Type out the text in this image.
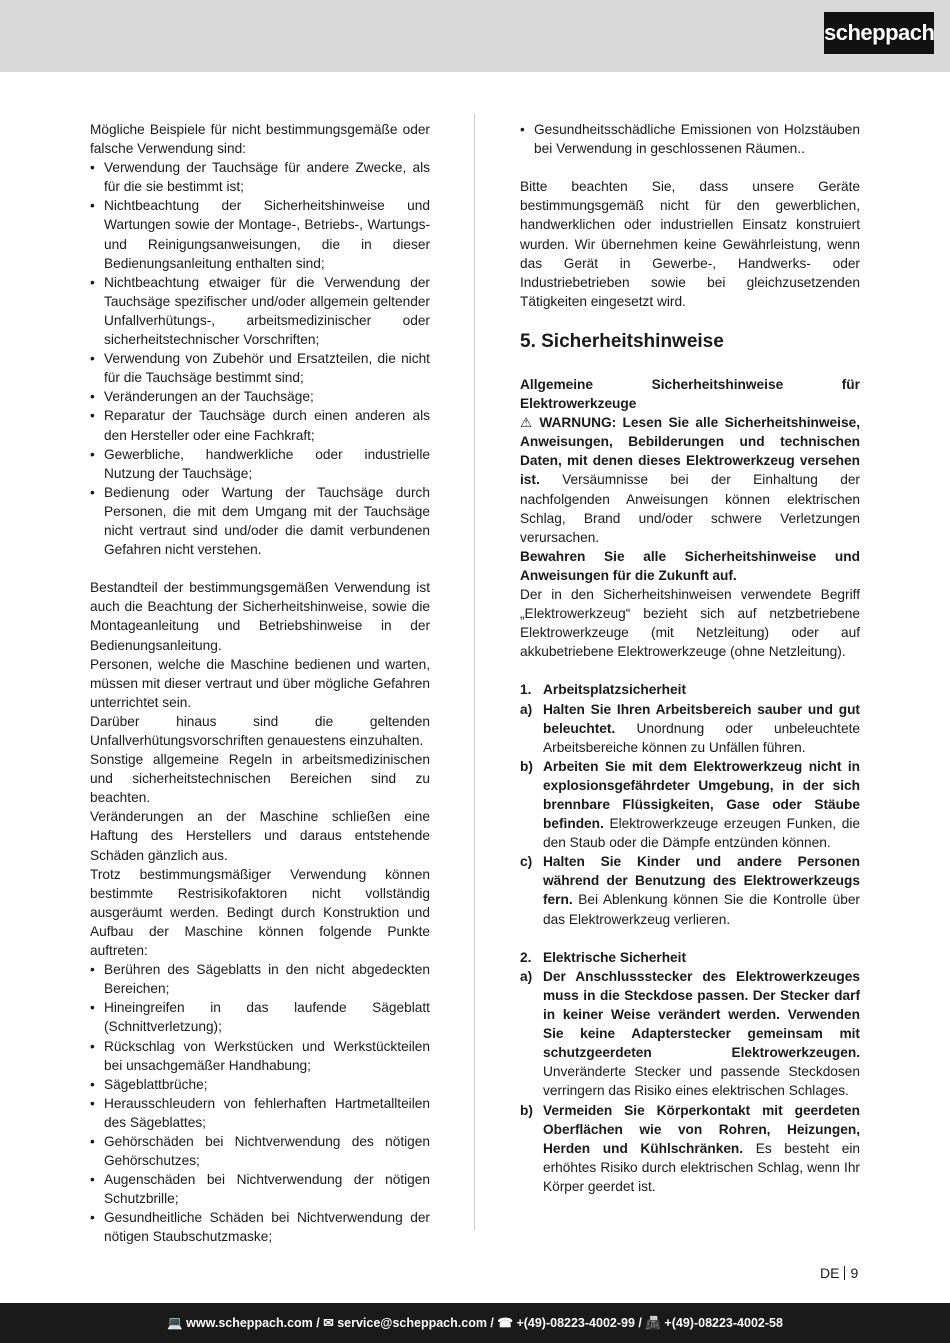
scheppach

Mögliche Beispiele für nicht bestimmungsgemäße oder falsche Verwendung sind:

• Verwendung der Tauchsäge für andere Zwecke, als für die sie bestimmt ist;
• Nichtbeachtung der Sicherheitshinweise und Wartungen sowie der Montage-, Betriebs-, Wartungs- und Reinigungsanweisungen, die in dieser Bedienungsanleitung enthalten sind;
• Nichtbeachtung etwaiger für die Verwendung der Tauchsäge spezifischer und/oder allgemein geltender Unfallverhütungs-, arbeitsmedizinischer oder sicherheitstechnischer Vorschriften;
• Verwendung von Zubehör und Ersatzteilen, die nicht für die Tauchsäge bestimmt sind;
• Veränderungen an der Tauchsäge;
• Reparatur der Tauchsäge durch einen anderen als den Hersteller oder eine Fachkraft;
• Gewerbliche, handwerkliche oder industrielle Nutzung der Tauchsäge;
• Bedienung oder Wartung der Tauchsäge durch Personen, die mit dem Umgang mit der Tauchsäge nicht vertraut sind und/oder die damit verbundenen Gefahren nicht verstehen.

Bestandteil der bestimmungsgemäßen Verwendung ist auch die Beachtung der Sicherheitshinweise, sowie die Montageanleitung und Betriebshinweise in der Bedienungsanleitung.

Personen, welche die Maschine bedienen und warten, müssen mit dieser vertraut und über mögliche Gefahren unterrichtet sein.

Darüber hinaus sind die geltenden Unfallverhütungsvorschriften genauestens einzuhalten.

Sonstige allgemeine Regeln in arbeitsmedizinischen und sicherheitstechnischen Bereichen sind zu beachten.

Veränderungen an der Maschine schließen eine Haftung des Herstellers und daraus entstehende Schäden gänzlich aus.

Trotz bestimmungsmäßiger Verwendung können bestimmte Restrisikofaktoren nicht vollständig ausgeräumt werden. Bedingt durch Konstruktion und Aufbau der Maschine können folgende Punkte auftreten:

• Berühren des Sägeblatts in den nicht abgedeckten Bereichen;
• Hineingreifen in das laufende Sägeblatt (Schnittverletzung);
• Rückschlag von Werkstücken und Werkstückteilen bei unsachgemäßer Handhabung;
• Sägeblattbrüche;
• Herausschleudern von fehlerhaften Hartmetallteilen des Sägeblattes;
• Gehörschäden bei Nichtverwendung des nötigen Gehörschutzes;
• Augenschäden bei Nichtverwendung der nötigen Schutzbrille;
• Gesundheitliche Schäden bei Nichtverwendung der nötigen Staubschutzmaske;
• Gesundheitsschädliche Emissionen von Holzstäuben bei Verwendung in geschlossenen Räumen..

Bitte beachten Sie, dass unsere Geräte bestimmungsgemäß nicht für den gewerblichen, handwerklichen oder industriellen Einsatz konstruiert wurden. Wir übernehmen keine Gewährleistung, wenn das Gerät in Gewerbe-, Handwerks- oder Industriebetrieben sowie bei gleichzusetzenden Tätigkeiten eingesetzt wird.

5. Sicherheitshinweise

Allgemeine Sicherheitshinweise für Elektrowerkzeuge

⚠ WARNUNG: Lesen Sie alle Sicherheitshinweise, Anweisungen, Bebilderungen und technischen Daten, mit denen dieses Elektrowerkzeug versehen ist. Versäumnisse bei der Einhaltung der nachfolgenden Anweisungen können elektrischen Schlag, Brand und/oder schwere Verletzungen verursachen.

Bewahren Sie alle Sicherheitshinweise und Anweisungen für die Zukunft auf.

Der in den Sicherheitshinweisen verwendete Begriff „Elektrowerkzeug“ bezieht sich auf netzbetriebene Elektrowerkzeuge (mit Netzleitung) oder auf akkubetriebene Elektrowerkzeuge (ohne Netzleitung).

1. Arbeitsplatzsicherheit
a) Halten Sie Ihren Arbeitsbereich sauber und gut beleuchtet. Unordnung oder unbeleuchtete Arbeitsbereiche können zu Unfällen führen.
b) Arbeiten Sie mit dem Elektrowerkzeug nicht in explosionsgefährdeter Umgebung, in der sich brennbare Flüssigkeiten, Gase oder Stäube befinden. Elektrowerkzeuge erzeugen Funken, die den Staub oder die Dämpfe entzünden können.
c) Halten Sie Kinder und andere Personen während der Benutzung des Elektrowerkzeugs fern. Bei Ablenkung können Sie die Kontrolle über das Elektrowerkzeug verlieren.
2. Elektrische Sicherheit
a) Der Anschlussstecker des Elektrowerkzeuges muss in die Steckdose passen. Der Stecker darf in keiner Weise verändert werden. Verwenden Sie keine Adapterstecker gemeinsam mit schutzgeerdeten Elektrowerkzeugen. Unveränderte Stecker und passende Steckdosen verringern das Risiko eines elektrischen Schlages.
b) Vermeiden Sie Körperkontakt mit geerdeten Oberflächen wie von Rohren, Heizungen, Herden und Kühlschränken. Es besteht ein erhöhtes Risiko durch elektrischen Schlag, wenn Ihr Körper geerdet ist.
DE 9
💻 www.scheppach.com / ✉ service@scheppach.com / ☎ +(49)-08223-4002-99 / 📠 +(49)-08223-4002-58
